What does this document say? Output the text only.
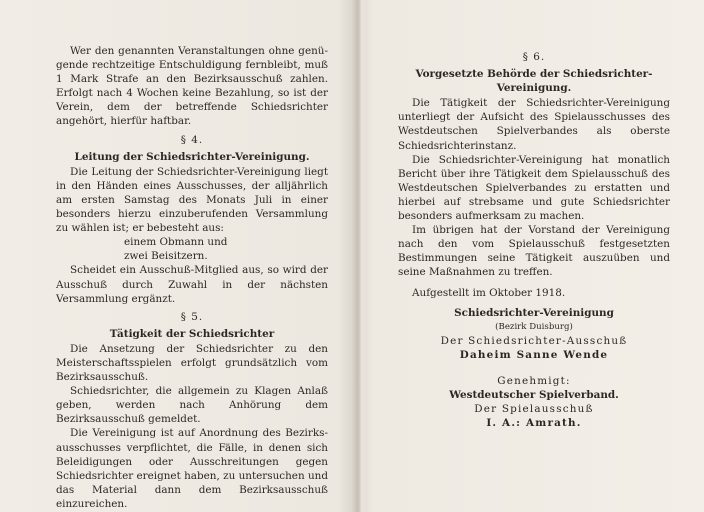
Wer den genannten Veranstaltungen ohne genügende rechtzeitige Entschuldigung fernbleibt, muß 1 Mark Strafe an den Bezirksausschuß zahlen. Erfolgt nach 4 Wochen keine Bezahlung, so ist der Verein, dem der betreffende Schiedsrichter angehört, hierfür haftbar.

§ 4.

Leitung der Schiedsrichter-Vereinigung.

Die Leitung der Schiedsrichter-Vereinigung liegt in den Händen eines Ausschusses, der alljährlich am ersten Samstag des Monats Juli in einer besonders hierzu einzuberufenden Versammlung zu wählen ist; er bebesteht aus:

einem Obmann und

zwei Beisitzern.

Scheidet ein Ausschuß-Mitglied aus, so wird der Ausschuß durch Zuwahl in der nächsten Versammlung ergänzt.

§ 5.

Tätigkeit der Schiedsrichter

Die Ansetzung der Schiedsrichter zu den Meisterschaftsspielen erfolgt grundsätzlich vom Bezirksausschuß.

Schiedsrichter, die allgemein zu Klagen Anlaß geben, werden nach Anhörung dem Bezirksausschuß gemeldet.

Die Vereinigung ist auf Anordnung des Bezirksausschusses verpflichtet, die Fälle, in denen sich Beleidigungen oder Ausschreitungen gegen Schiedsrichter ereignet haben, zu untersuchen und das Material dann dem Bezirksausschuß einzureichen.

§ 6.

Vorgesetzte Behörde der Schiedsrichter-Vereinigung.

Die Tätigkeit der Schiedsrichter-Vereinigung unterliegt der Aufsicht des Spielausschusses des Westdeutschen Spielverbandes als oberste Schiedsrichterinstanz.

Die Schiedsrichter-Vereinigung hat monatlich Bericht über ihre Tätigkeit dem Spielausschuß des Westdeutschen Spielverbandes zu erstatten und hierbei auf strebsame und gute Schiedsrichter besonders aufmerksam zu machen.

Im übrigen hat der Vorstand der Vereinigung nach den vom Spielausschuß festgesetzten Bestimmungen seine Tätigkeit auszuüben und seine Maßnahmen zu treffen.

Aufgestellt im Oktober 1918.

Schiedsrichter-Vereinigung

(Bezirk Duisburg)

Der Schiedsrichter-Ausschuß

Daheim Sanne Wende

Genehmigt:

Westdeutscher Spielverband.

Der Spielausschuß

I. A.: Amrath.
